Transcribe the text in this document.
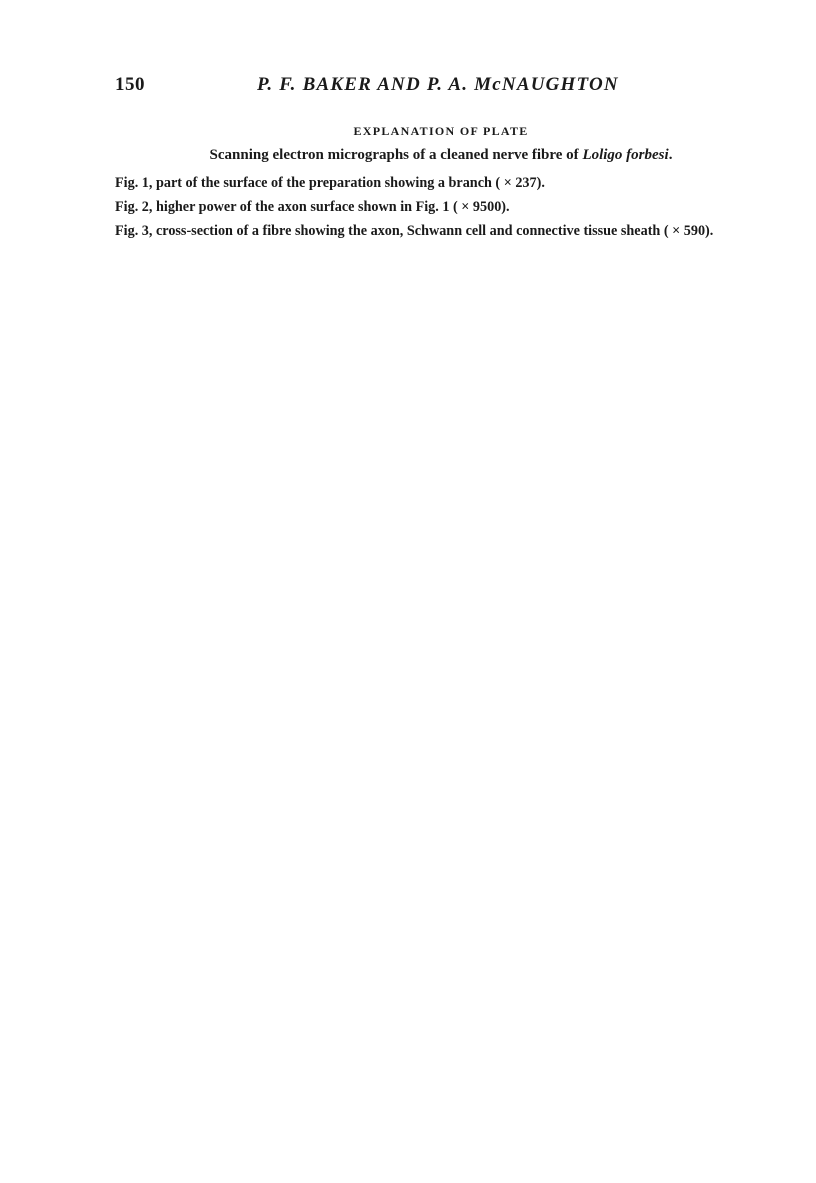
150	P. F. BAKER AND P. A. McNAUGHTON
EXPLANATION OF PLATE
Scanning electron micrographs of a cleaned nerve fibre of Loligo forbesi.

Fig. 1, part of the surface of the preparation showing a branch ( × 237).

Fig. 2, higher power of the axon surface shown in Fig. 1 ( × 9500).

Fig. 3, cross-section of a fibre showing the axon, Schwann cell and connective tissue sheath ( × 590).
